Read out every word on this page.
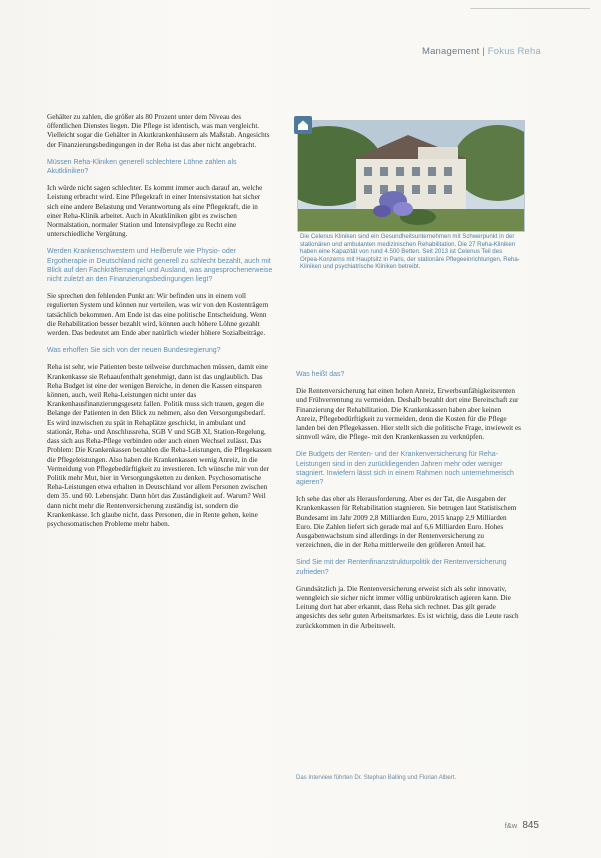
Management | Fokus Reha

Gehälter zu zahlen, die größer als 80 Prozent unter dem Niveau des öffentlichen Dienstes liegen. Die Pflege ist identisch, was man vergleicht. Vielleicht sogar die Gehälter in Akutkrankenhäusern als Maßstab. Angesichts der Finanzierungsbedingungen in der Reha ist das aber nicht angebracht.

Müssen Reha-Kliniken generell schlechtere Löhne zahlen als Akutkliniken?

Ich würde nicht sagen schlechter. Es kommt immer auch darauf an, welche Leistung erbracht wird. Eine Pflegekraft in einer Intensivstation hat sicher sich eine andere Belastung und Verantwortung als eine Pflegekraft, die in einer Reha-Klinik arbeitet. Auch in Akutkliniken gibt es zwischen Normalstation, normaler Station und Intensivpflege zu Recht eine unterschiedliche Vergütung.

Werden Krankenschwestern und Heilberufe wie Physio- oder Ergotherapie in Deutschland nicht generell zu schlecht bezahlt, auch mit Blick auf den Fachkräftemangel und Ausland, was angesprochenerweise nicht zuletzt an den Finanzierungsbedingungen liegt?

Sie sprechen den fehlenden Punkt an: Wir befinden uns in einem voll regulierten System und können nur verteilen, was wir von den Kostenträgern tatsächlich bekommen. Am Ende ist das eine politische Entscheidung. Wenn die Rehabilitation besser bezahlt wird, können auch höhere Löhne gezahlt werden. Das bedeutet am Ende aber natürlich wieder höhere Sozialbeiträge.

Was erhoffen Sie sich von der neuen Bundesregierung?

Reha ist sehr, wie Patienten beste teilweise durchmachen müssen, damit eine Krankenkasse sie Rehaaufenthalt genehmigt, dann ist das unglaublich. Das Reha Budget ist eine der wenigen Bereiche, in denen die Kassen einsparen können, auch, weil Reha-Leistungen nicht unter das Krankenhausfinanzierungsgesetz fallen. Politik muss sich trauen, gegen die Belange der Patienten in den Blick zu nehmen, also den Versorgungsbedarf. Es wird inzwischen zu spät in Rehaplätze geschickt, in ambulant und stationär, Reha- und Anschlussreha, SGB V und SGB XI, Station-Regelung, dass sich aus Reha-Pflege verbinden oder auch einen Wechsel zulässt. Das Problem: Die Krankenkassen bezahlen die Reha-Leistungen, die Pflegekassen die Pflegeleistungen. Also haben die Krankenkassen wenig Anreiz, in die Vermeidung von Pflegebedürftigkeit zu investieren. Ich wünsche mir von der Politik mehr Mut, hier in Versorgungsketten zu denken. Psychosomatische Reha-Leistungen etwa erhalten in Deutschland vor allem Personen zwischen dem 35. und 60. Lebensjahr. Dann hört das Zuständigkeit auf. Warum? Weil dann nicht mehr die Rentenversicherung zuständig ist, sondern die Krankenkasse. Ich glaube nicht, dass Personen, die in Rente gehen, keine psychosomatischen Probleme mehr haben.

Die Celenus Kliniken sind ein Gesundheitsunternehmen mit Schwerpunkt in der stationären und ambulanten medizinischen Rehabilitation. Die 27 Reha-Kliniken haben eine Kapazität von rund 4.500 Betten. Seit 2013 ist Celenus Teil des Orpea-Konzerns mit Hauptsitz in Paris, der stationäre Pflegeeinrichtungen, Reha-Kliniken und psychiatrische Kliniken betreibt.

Was heißt das?

Die Rentenversicherung hat einen hohen Anreiz, Erwerbsunfähigkeitsrenten und Frühverrentung zu vermeiden. Deshalb bezahlt dort eine Bereitschaft zur Finanzierung der Rehabilitation. Die Krankenkassen haben aber keinen Anreiz, Pflegebedürftigkeit zu vermeiden, denn die Kosten für die Pflege landen bei den Pflegekassen. Hier stellt sich die politische Frage, inwieweit es sinnvoll wäre, die Pflege- mit den Krankenkassen zu verknüpfen.

Die Budgets der Renten- und der Krankenversicherung für Reha-Leistungen sind in den zurückliegenden Jahren mehr oder weniger stagniert. Inwiefern lässt sich in einem Rahmen noch unternehmerisch agieren?

Ich sehe das eher als Herausforderung. Aber es der Tat, die Ausgaben der Krankenkassen für Rehabilitation stagnieren. Sie betrugen laut Statistischem Bundesamt im Jahr 2009 2,8 Milliarden Euro, 2015 knapp 2,9 Milliarden Euro. Die Zahlen liefert sich gerade mal auf 6,6 Milliarden Euro. Hohes Ausgabenwachstum sind allerdings in der Rentenversicherung zu verzeichnen, die in der Reha mittlerweile den größeren Anteil hat.

Sind Sie mit der Rentenfinanzstrukturpolitik der Rentenversicherung zufrieden?

Grundsätzlich ja. Die Rentenversicherung erweist sich als sehr innovativ, wenngleich sie sicher nicht immer völlig unbürokratisch agieren kann. Die Leitung dort hat aber erkannt, dass Reha sich rechnet. Das gilt gerade angesichts des sehr guten Arbeitsmarktes. Es ist wichtig, dass die Leute rasch zurückkommen in die Arbeitswelt.

Das Interview führten Dr. Stephan Balling und Florian Albert.
f&w 845
